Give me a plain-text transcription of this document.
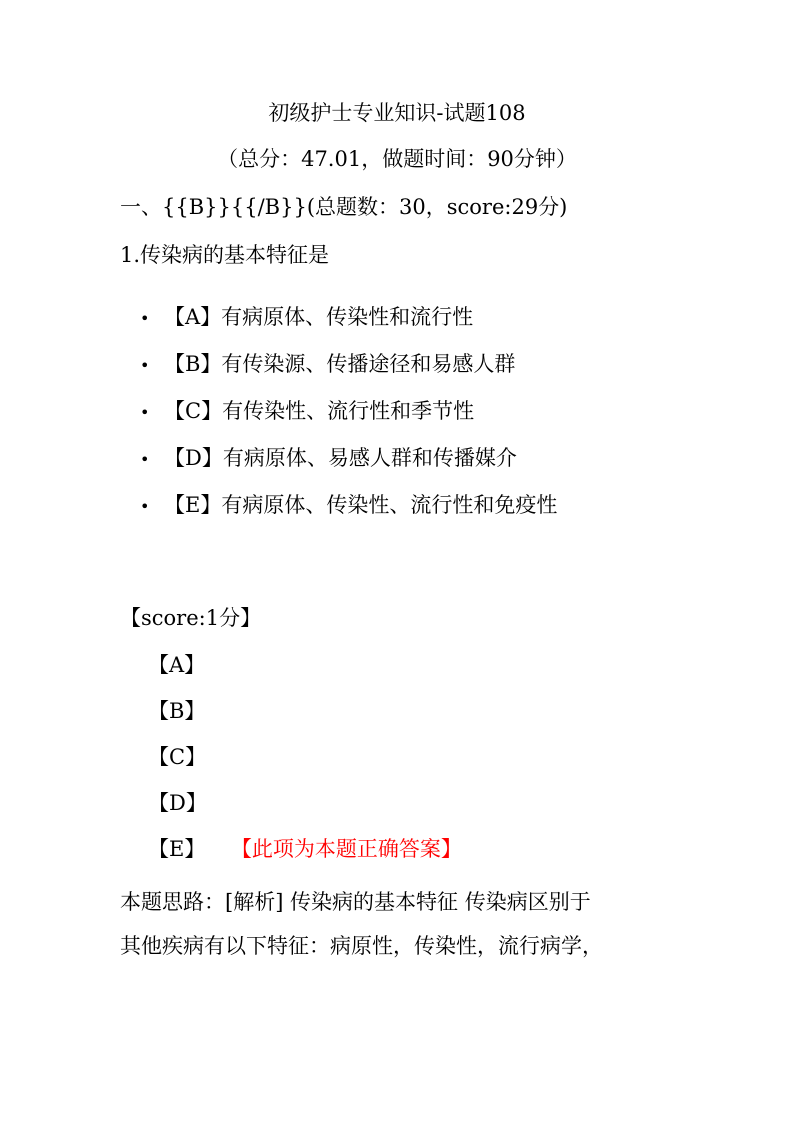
初级护士专业知识-试题108
（总分：47.01，做题时间：90分钟）
一、{{B}}{{/B}}(总题数：30，score:29分)
1.传染病的基本特征是
• 【A】有病原体、传染性和流行性
• 【B】有传染源、传播途径和易感人群
• 【C】有传染性、流行性和季节性
• 【D】有病原体、易感人群和传播媒介
• 【E】有病原体、传染性、流行性和免疫性
【score:1分】
【A】
【B】
【C】
【D】
【E】 【此项为本题正确答案】
本题思路：[解析] 传染病的基本特征 传染病区别于
其他疾病有以下特征：病原性，传染性，流行病学，
